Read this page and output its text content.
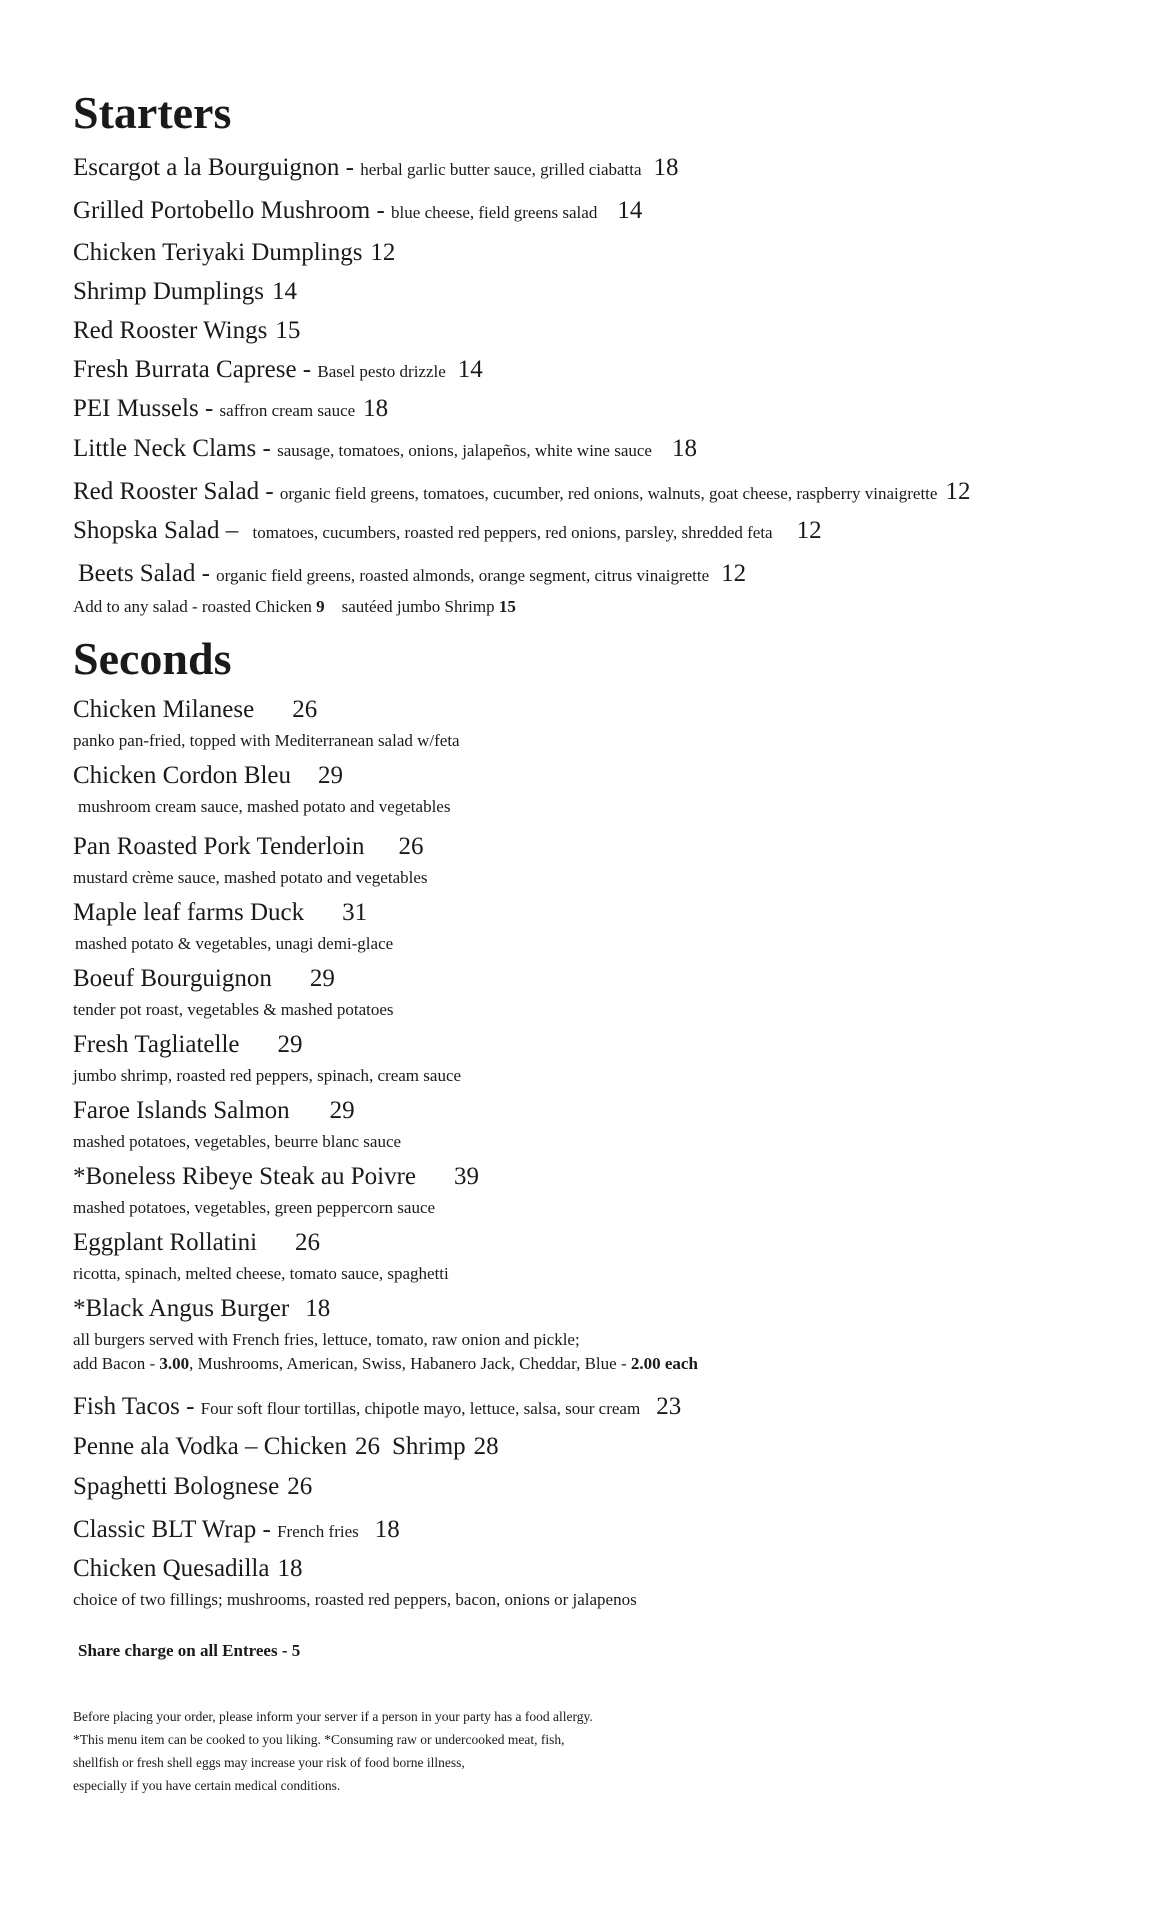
Starters
Escargot a la Bourguignon - herbal garlic butter sauce, grilled ciabatta 18
Grilled Portobello Mushroom - blue cheese, field greens salad 14
Chicken Teriyaki Dumplings 12
Shrimp Dumplings 14
Red Rooster Wings 15
Fresh Burrata Caprese - Basel pesto drizzle 14
PEI Mussels - saffron cream sauce 18
Little Neck Clams - sausage, tomatoes, onions, jalapeños, white wine sauce 18
Red Rooster Salad - organic field greens, tomatoes, cucumber, red onions, walnuts, goat cheese, raspberry vinaigrette 12
Shopska Salad –   tomatoes, cucumbers, roasted red peppers, red onions, parsley, shredded feta 12
Beets Salad - organic field greens, roasted almonds, orange segment, citrus vinaigrette 12
Add to any salad - roasted Chicken 9 sautéed jumbo Shrimp 15
Seconds
Chicken Milanese 26
panko pan-fried, topped with Mediterranean salad w/feta
Chicken Cordon Bleu 29
mushroom cream sauce, mashed potato and vegetables
Pan Roasted Pork Tenderloin 26
mustard crème sauce, mashed potato and vegetables
Maple leaf farms Duck 31
mashed potato & vegetables, unagi demi-glace
Boeuf Bourguignon 29
tender pot roast, vegetables & mashed potatoes
Fresh Tagliatelle 29
jumbo shrimp, roasted red peppers, spinach, cream sauce
Faroe Islands Salmon 29
mashed potatoes, vegetables, beurre blanc sauce
*Boneless Ribeye Steak au Poivre 39
mashed potatoes, vegetables, green peppercorn sauce
Eggplant Rollatini 26
ricotta, spinach, melted cheese, tomato sauce, spaghetti
*Black Angus Burger 18
all burgers served with French fries, lettuce, tomato, raw onion and pickle;
add Bacon - 3.00, Mushrooms, American, Swiss, Habanero Jack, Cheddar, Blue - 2.00 each
Fish Tacos - Four soft flour tortillas, chipotle mayo, lettuce, salsa, sour cream 23
Penne ala Vodka – Chicken 26 Shrimp 28
Spaghetti Bolognese 26
Classic BLT Wrap - French fries 18
Chicken Quesadilla 18
choice of two fillings; mushrooms, roasted red peppers, bacon, onions or jalapenos
Share charge on all Entrees - 5
Before placing your order, please inform your server if a person in your party has a food allergy.
*This menu item can be cooked to you liking. *Consuming raw or undercooked meat, fish,
shellfish or fresh shell eggs may increase your risk of food borne illness,
especially if you have certain medical conditions.
